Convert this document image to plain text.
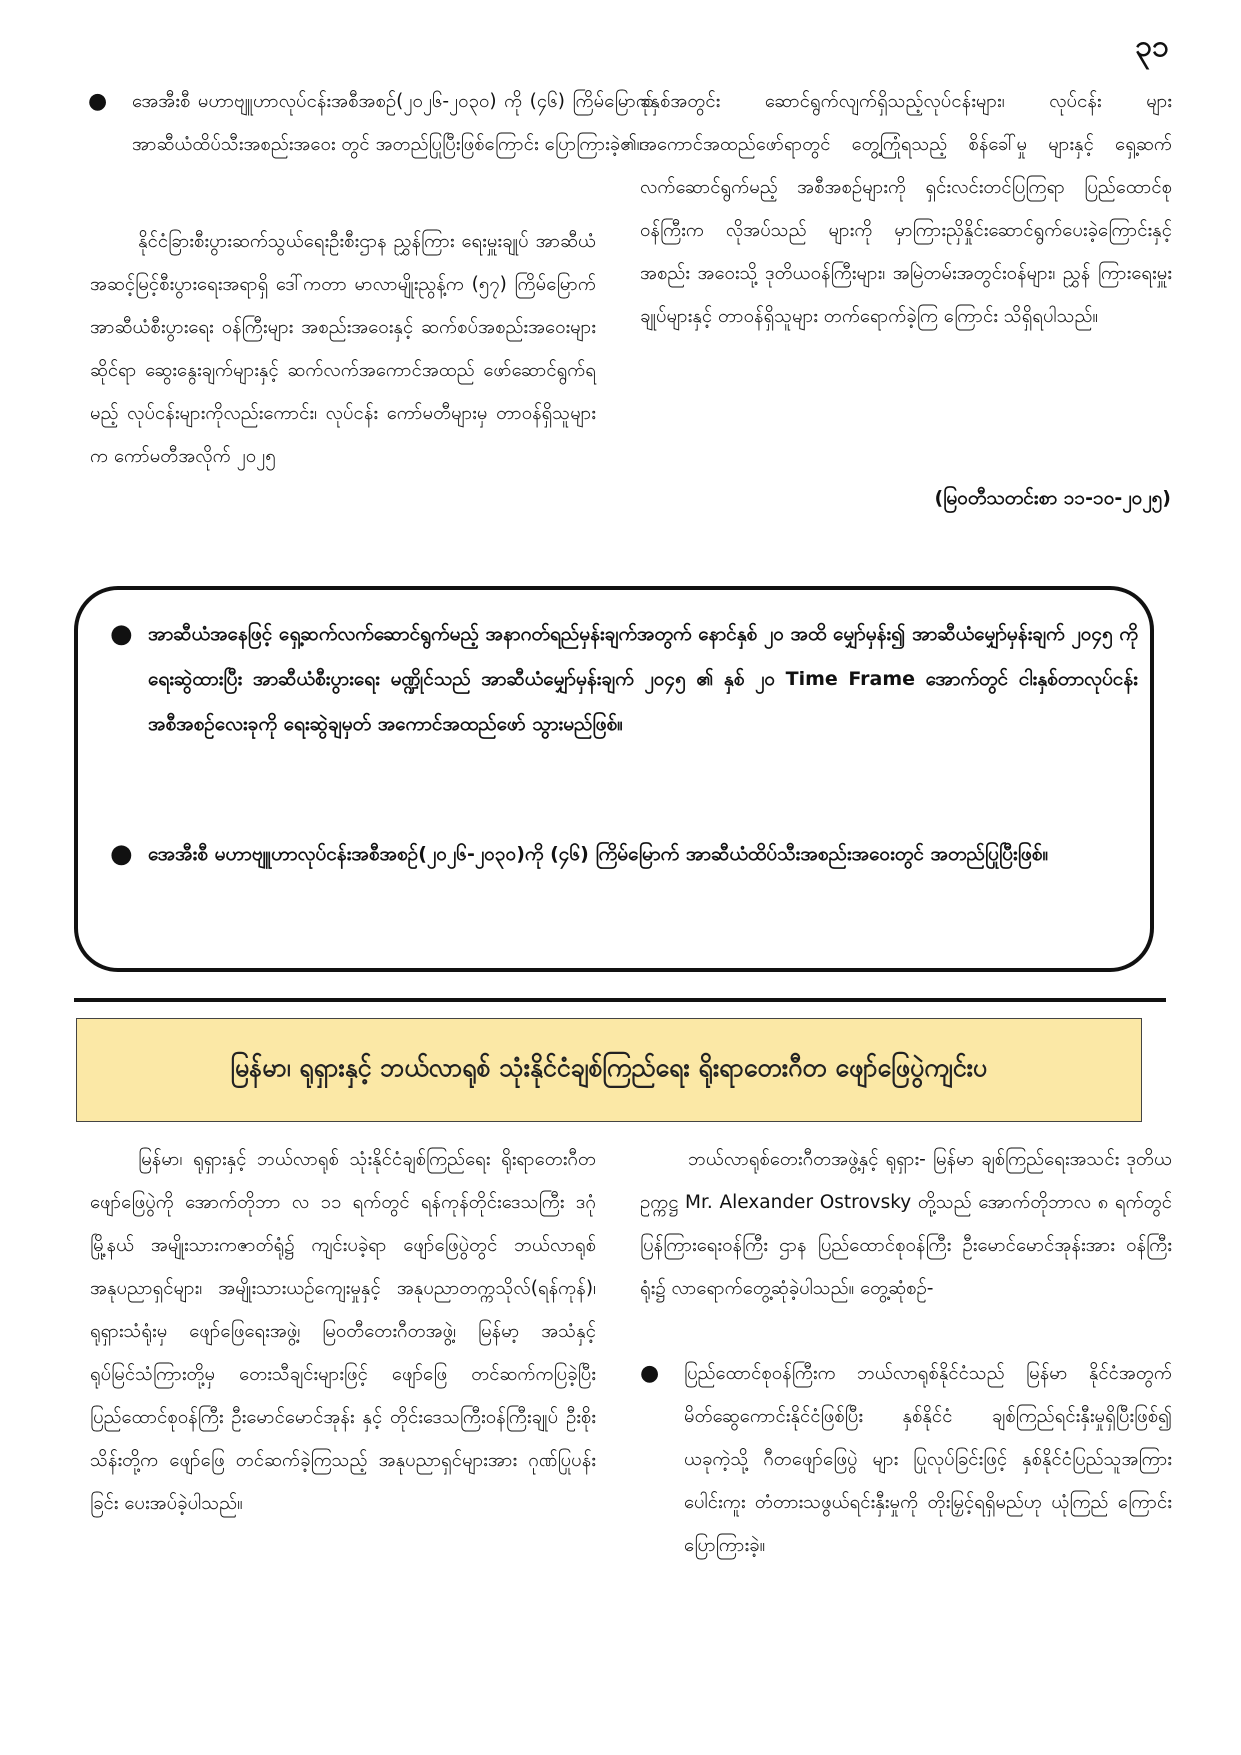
၃၁
● အေအီးစီ မဟာဗျူဟာလုပ်ငန်းအစီအစဉ်(၂၀၂၆-၂၀၃၀) ကို (၄၆) ကြိမ်မြောက် အာဆီယံထိပ်သီးအစည်းအဝေး တွင် အတည်ပြုပြီးဖြစ်ကြောင်း ပြောကြားခဲ့၏။

နိုင်ငံခြားစီးပွားဆက်သွယ်ရေးဦးစီးဌာန ညွှန်ကြား ရေးမှူးချုပ် အာဆီယံအဆင့်မြင့်စီးပွားရေးအရာရှိ ဒေါ်ကတာ မာလာမျိုးညွန့်က (၅၇) ကြိမ်မြောက် အာဆီယံစီးပွားရေး ဝန်ကြီးများ အစည်းအဝေးနှင့် ဆက်စပ်အစည်းအဝေးများ ဆိုင်ရာ ဆွေးနွေးချက်များနှင့် ဆက်လက်အကောင်အထည် ဖော်ဆောင်ရွက်ရမည့် လုပ်ငန်းများကိုလည်းကောင်း၊ လုပ်ငန်း ကော်မတီများမှ တာဝန်ရှိသူများက ကော်မတီအလိုက် ၂၀၂၅

ခုနှစ်အတွင်း ဆောင်ရွက်လျက်ရှိသည့်လုပ်ငန်းများ၊ လုပ်ငန်း များ အကောင်အထည်ဖော်ရာတွင် တွေ့ကြုံရသည့် စိန်ခေါ်မှု များနှင့် ရှေ့ဆက်လက်ဆောင်ရွက်မည့် အစီအစဉ်များကို ရှင်းလင်းတင်ပြကြရာ ပြည်ထောင်စုဝန်ကြီးက လိုအပ်သည် များကို မှာကြားညှိနှိုင်းဆောင်ရွက်ပေးခဲ့ကြောင်းနှင့် အစည်း အဝေးသို့ ဒုတိယဝန်ကြီးများ၊ အမြဲတမ်းအတွင်းဝန်များ၊ ညွှန် ကြားရေးမှူးချုပ်များနှင့် တာဝန်ရှိသူများ တက်ရောက်ခဲ့ကြ ကြောင်း သိရှိရပါသည်။

(မြဝတီသတင်းစာ ၁၁-၁၀-၂၀၂၅)
● အာဆီယံအနေဖြင့် ရှေ့ဆက်လက်ဆောင်ရွက်မည့် အနာဂတ်ရည်မှန်းချက်အတွက် နောင်နှစ် ၂၀ အထိ မျှော်မှန်း၍ အာဆီယံမျှော်မှန်းချက် ၂၀၄၅ ကို ရေးဆွဲထားပြီး အာဆီယံစီးပွားရေး မဏ္ဍိုင်သည် အာဆီယံမျှော်မှန်းချက် ၂၀၄၅ ၏ နှစ် ၂၀ Time Frame အောက်တွင် ငါးနှစ်တာလုပ်ငန်းအစီအစဉ်လေးခုကို ရေးဆွဲချမှတ် အကောင်အထည်ဖော် သွားမည်ဖြစ်။
● အေအီးစီ မဟာဗျူဟာလုပ်ငန်းအစီအစဉ်(၂၀၂၆-၂၀၃၀)ကို (၄၆) ကြိမ်မြောက် အာဆီယံထိပ်သီးအစည်းအဝေးတွင် အတည်ပြုပြီးဖြစ်။
မြန်မာ၊ ရုရှားနှင့် ဘယ်လာရုစ် သုံးနိုင်ငံချစ်ကြည်ရေး ရိုးရာတေးဂီတ ဖျော်ဖြေပွဲကျင်းပ

မြန်မာ၊ ရုရှားနှင့် ဘယ်လာရုစ် သုံးနိုင်ငံချစ်ကြည်ရေး ရိုးရာတေးဂီတဖျော်ဖြေပွဲကို အောက်တိုဘာ လ ၁၁ ရက်တွင် ရန်ကုန်တိုင်းဒေသကြီး ဒဂုံမြို့နယ် အမျိုးသားကဇာတ်ရုံ၌ ကျင်းပခဲ့ရာ ဖျော်ဖြေပွဲတွင် ဘယ်လာရုစ် အနုပညာရှင်များ၊ အမျိုးသားယဉ်ကျေးမှုနှင့် အနုပညာတက္ကသိုလ်(ရန်ကုန်)၊ ရုရှားသံရုံးမှ ဖျော်ဖြေရေးအဖွဲ့၊ မြဝတီတေးဂီတအဖွဲ့၊ မြန်မာ့ အသံနှင့် ရုပ်မြင်သံကြားတို့မှ တေးသီချင်းများဖြင့် ဖျော်ဖြေ တင်ဆက်ကပြခဲ့ပြီး ပြည်ထောင်စုဝန်ကြီး ဦးမောင်မောင်အုန်း နှင့် တိုင်းဒေသကြီးဝန်ကြီးချုပ် ဦးစိုးသိန်းတို့က ဖျော်ဖြေ တင်ဆက်ခဲ့ကြသည့် အနုပညာရှင်များအား ဂုဏ်ပြုပန်းခြင်း ပေးအပ်ခဲ့ပါသည်။

ဘယ်လာရုစ်တေးဂီတအဖွဲ့နှင့် ရုရှား- မြန်မာ ချစ်ကြည်ရေးအသင်း ဒုတိယဥက္ကဋ္ဌ Mr. Alexander Ostrovsky တို့သည် အောက်တိုဘာလ ၈ ရက်တွင် ပြန်ကြားရေးဝန်ကြီး ဌာန ပြည်ထောင်စုဝန်ကြီး ဦးမောင်မောင်အုန်းအား ဝန်ကြီး ရုံး၌ လာရောက်တွေ့ဆုံခဲ့ပါသည်။ တွေ့ဆုံစဉ်-

● ပြည်ထောင်စုဝန်ကြီးက ဘယ်လာရုစ်နိုင်ငံသည် မြန်မာ နိုင်ငံအတွက် မိတ်ဆွေကောင်းနိုင်ငံဖြစ်ပြီး နှစ်နိုင်ငံ ချစ်ကြည်ရင်းနှီးမှုရှိပြီးဖြစ်၍ ယခုကဲ့သို့ ဂီတဖျော်ဖြေပွဲ များ ပြုလုပ်ခြင်းဖြင့် နှစ်နိုင်ငံပြည်သူအကြား ပေါင်းကူး တံတားသဖွယ်ရင်းနှီးမှုကို တိုးမြှင့်ရရှိမည်ဟု ယုံကြည် ကြောင်း ပြောကြားခဲ့။
